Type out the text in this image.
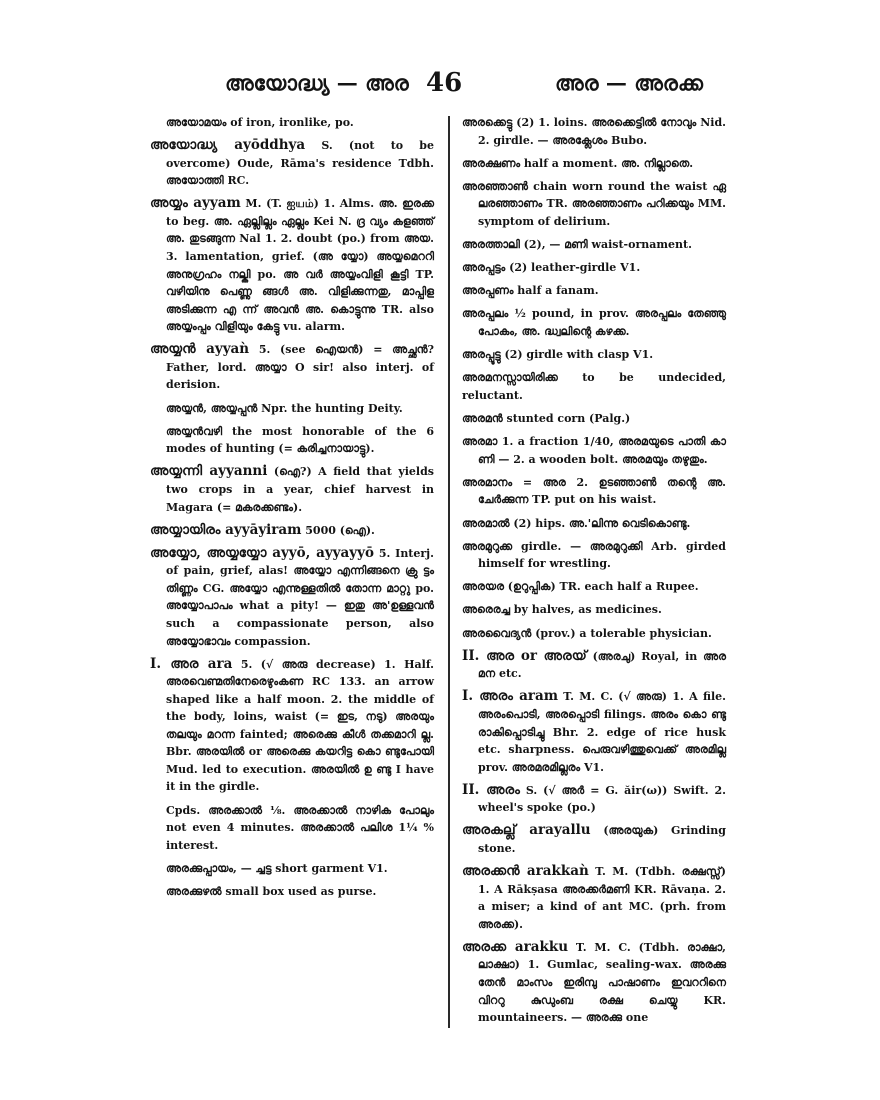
അയോദ്ധ്യ — അര 46	അര — അരക്ക

അയോമയം of iron, ironlike, po.

അയോദ്ധ്യ ayōddhya S. (not to be overcome) Oude, Rāma's residence Tdbh. അയോത്തി RC.

അയ്യം ayyam M. (T. ஐயம்) 1. Alms. അ. ഇരക്ക to beg. അ. ഏല്ലില്ലം ഏല്ലം Kei N. ദ്ര വ്യം കളഞ്ഞ് അ. തുടങ്ങുന്ന Nal 1. 2. doubt (po.) from അയ. 3. lamentation, grief. (അ യ്യോ) അയ്യമെററി അനുഗ്രഹം നല്കി po. അ വർ അയ്യംവിളി കൂട്ടി TP. വഴിയിനു പെണ്ണു ങ്ങൾ അ. വിളിക്കുന്നതു, മാപ്പിള അടിക്കുന്ന എ ന്ന് അവൻ അ. കൊട്ടുന്നു TR. also അയ്യംപ്പം വിളിയും കേട്ടു vu. alarm.

അയ്യൻ ayyaǹ 5. (see ഐയൻ) = അച്ഛൻ? Father, lord. അയ്യാ O sir! also interj. of derision.

അയ്യൻ, അയ്യപ്പൻ Npr. the hunting Deity.

അയ്യൻവഴി the most honorable of the 6 modes of hunting (= കരിച്ചനായാട്ടു).

അയ്യന്നി ayyanni (ഐ?) A field that yields two crops in a year, chief harvest in Magara (= മകരക്കണ്ടം).

അയ്യായിരം ayyāyiram 5000 (ഐ).

അയ്യോ, അയ്യയ്യോ ayyō, ayyayyō 5. Interj. of pain, grief, alas! അയ്യോ എന്നിങ്ങനെ ക്രു ട്ടം തിണ്ണം CG. അയ്യോ എന്നുള്ളതിൽ തോന്ന മാറ്റു po. അയ്യോപാപം what a pity! — ഇതു അ'ഉള്ളവൻ such a compassionate person, also അയ്യോഭാവം compassion.

I. അര ara 5. (√ അരു decrease) 1. Half. അരവെണ്മതിനേരെഴുംകണ RC 133. an arrow shaped like a half moon. 2. the middle of the body, loins, waist (= ഇട, നടു) അരയും തലയും മറന്ന fainted; അരെക്കു കീൾ തക്കമാറി ല്ല. Bbr. അരയിൽ or അരെക്കു കയറിട്ട കൊ ണ്ടുപോയി Mud. led to execution. അരയിൽ ഉ ണ്ടു I have it in the girdle.

Cpds. അരക്കാൽ ⅛. അരക്കാൽ നാഴിക പോലും not even 4 minutes. അരക്കാൽ പലിശ 1¼ % interest.

അരക്കുപ്പായം, — ച്ചട്ട short garment V1.

അരക്കുഴൽ small box used as purse.

അരക്കെട്ടു (2) 1. loins. അരക്കെട്ടിൽ നോവും Nid. 2. girdle. — അരക്ലേശം Bubo.

അരക്ഷണം half a moment. അ. നില്ലാതെ.

അരഞ്ഞാൺ chain worn round the waist ഏ ലരഞ്ഞാണം TR. അരഞ്ഞാണം പറിക്കയും MM. symptom of delirium.

അരത്താലി (2), — മണി waist-ornament.

അരപ്പട്ടം (2) leather-girdle V1.

അരപ്പണം half a fanam.

അരപ്പലം ½ pound, in prov. അരപ്പലം തേഞ്ഞു പോകം, അ. ദ്ധ്വലിന്റെ കഴക്ക.

അരപ്പൂട്ടു (2) girdle with clasp V1.

അരമനസ്സായിരിക്ക to be undecided, reluctant.

അരമൻ stunted corn (Palg.)

അരമാ 1. a fraction 1/40, അരമയുടെ പാതി കാ ണി — 2. a wooden bolt. അരമയും തഴുതും.

അരമാനം = അര 2. ഉടഞ്ഞാൺ തന്റെ അ. ചേർക്കുന്ന TP. put on his waist.

അരമാൽ (2) hips. അ.'ലിന്നു വെടികൊണ്ടു.

അരമുറുക്ക girdle. — അരമുറുക്കി Arb. girded himself for wrestling.

അരയര (ഉറുപ്പിക) TR. each half a Rupee.

അരെരച്ച by halves, as medicines.

അരവൈദ്യൻ (prov.) a tolerable physician.

II. അര or അരയ് (അരചു) Royal, in അര മന etc.

I. അരം aram T. M. C. (√ അരു) 1. A file. അരംപൊടി, അരപ്പൊടി filings. അരം കൊ ണ്ടു രാകിപ്പൊടിച്ചു Bhr. 2. edge of rice husk etc. sharpness. പെരുവഴിത്തുവെക്ക് അരമില്ല prov. അരമരമില്ലരം V1.

II. അരം S. (√ അർ = G. ăir(ω)) Swift. 2. wheel's spoke (po.)

അരകല്ല് arayallu (അരയുക) Grinding stone.

അരക്കൻ arakkaǹ T. M. (Tdbh. രക്ഷസ്സ്) 1. A Rākṣasa അരക്കർമണി KR. Rāvaṇa. 2. a miser; a kind of ant MC. (prh. from അരക്ക).

അരക്ക arakku T. M. C. (Tdbh. രാക്ഷാ, ലാക്ഷാ) 1. Gumlac, sealing-wax. അരക്കു തേൻ മാംസം ഇരിമ്പു പാഷാണം ഇവററിനെ വിററു കുഡുംബ രക്ഷ ചെയ്യു KR. mountaineers. — അരക്കു one
